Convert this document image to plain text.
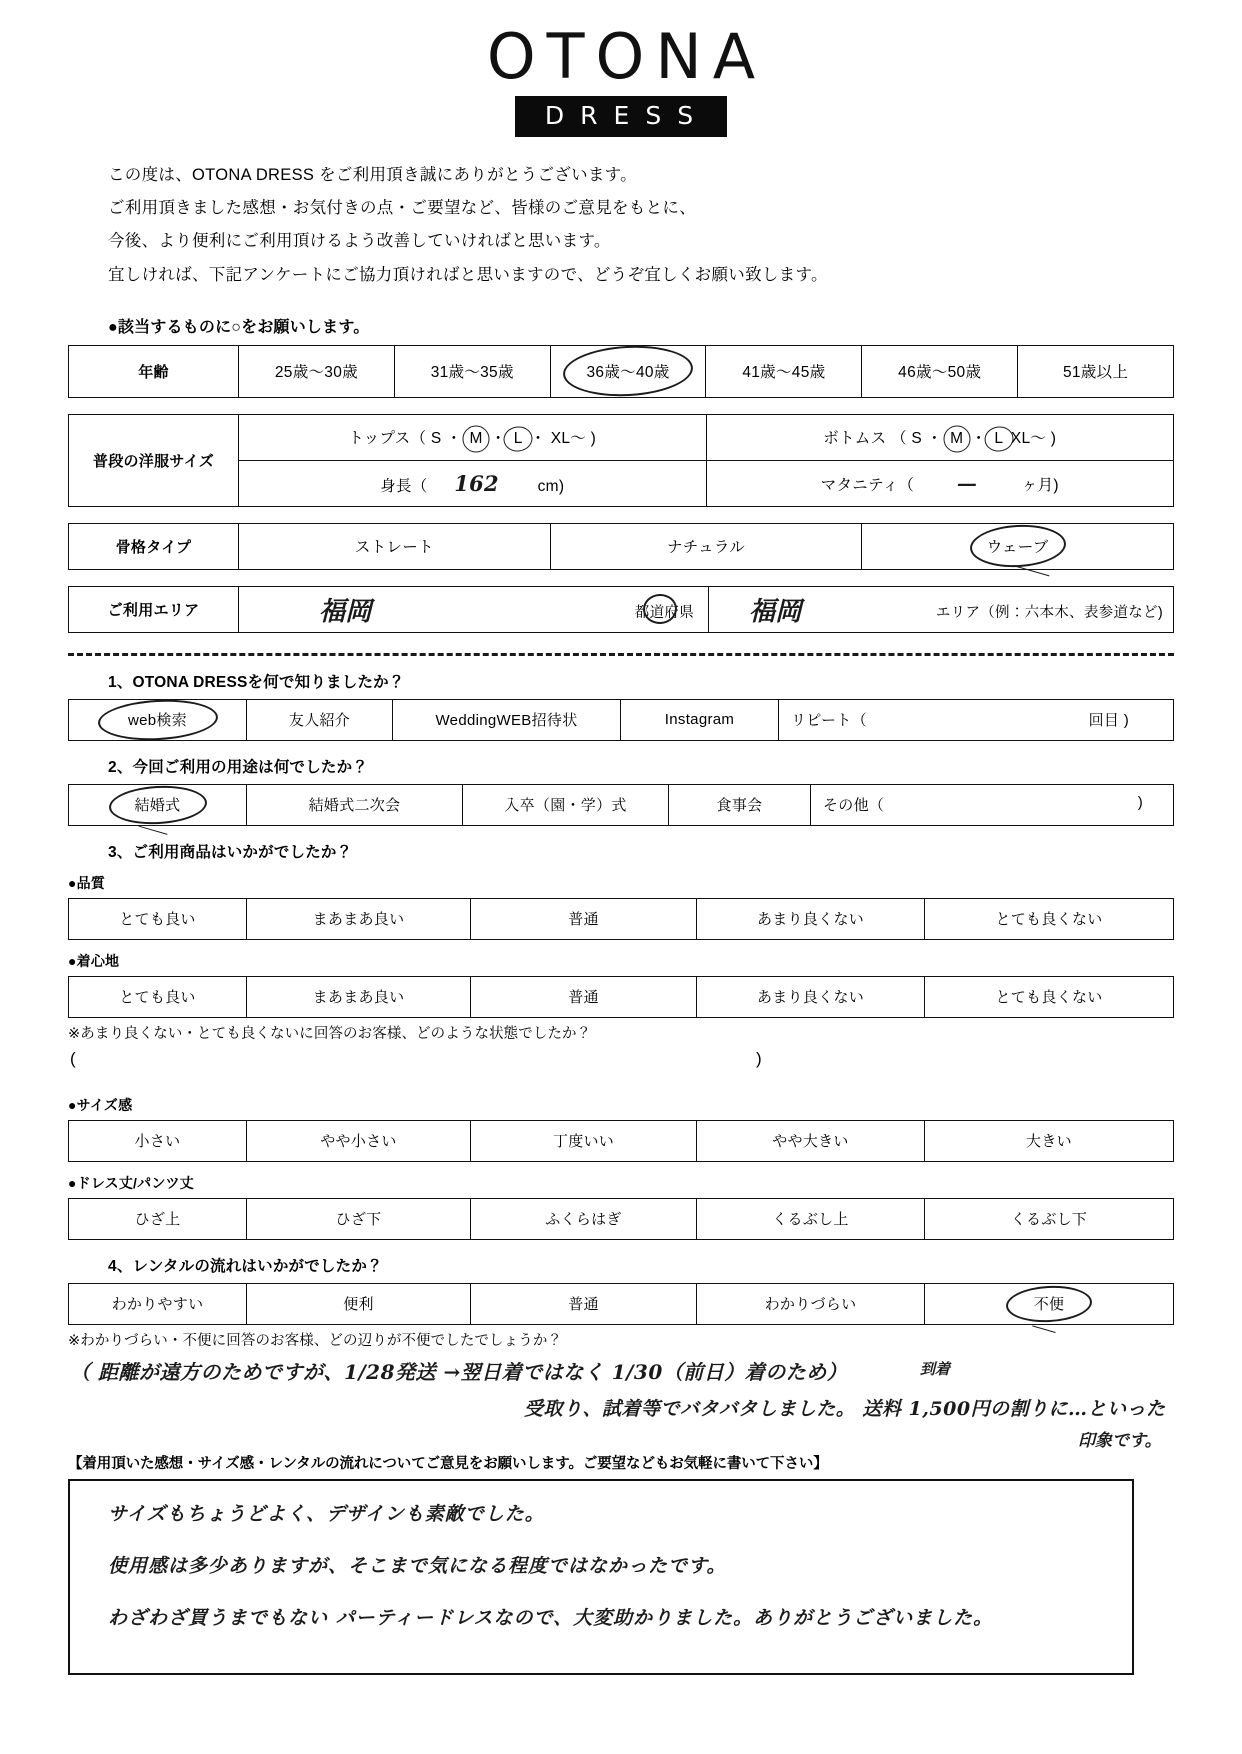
OTONA
DRESS
この度は、OTONA DRESS をご利用頂き誠にありがとうございます。
ご利用頂きました感想・お気付きの点・ご要望など、皆様のご意見をもとに、
今後、より便利にご利用頂けるよう改善していければと思います。
宜しければ、下記アンケートにご協力頂ければと思いますので、どうぞ宜しくお願い致します。
●該当するものに○をお願いします。
年齢	25歳〜30歳	31歳〜35歳	36歳〜40歳	41歳〜45歳	46歳〜50歳	51歳以上
普段の洋服サイズ	トップス（ S ・ M ・ L ・ XL〜 )	ボトムス （ S ・ M ・ L XL〜 )
	身長（ 162 cm)	マタニティ（ — ヶ月)
骨格タイプ	ストレート	ナチュラル	ウェーブ
ご利用エリア	福岡	都道府県	福岡	エリア（例：六本木、表参道など)
1、OTONA DRESSを何で知りましたか？
web検索	友人紹介	WeddingWEB招待状	Instagram	リピート（	回目 )
2、今回ご利用の用途は何でしたか？
結婚式	結婚式二次会	入卒（園・学）式	食事会	その他（	)
3、ご利用商品はいかがでしたか？
●品質
とても良い	まあまあ良い	普通	あまり良くない	とても良くない
●着心地
とても良い	まあまあ良い	普通	あまり良くない	とても良くない
※あまり良くない・とても良くないに回答のお客様、どのような状態でしたか？
(	)
●サイズ感
小さい	やや小さい	丁度いい	やや大きい	大きい
●ドレス丈/パンツ丈
ひざ上	ひざ下	ふくらはぎ	くるぶし上	くるぶし下
4、レンタルの流れはいかがでしたか？
わかりやすい	便利	普通	わかりづらい	不便
※わかりづらい・不便に回答のお客様、どの辺りが不便でしたでしょうか？
（ 距離が遠方のためですが、1/28発送 →翌日着ではなく 1/30（前日）着のため）
受取り、試着等でバタバタしました。 送料 1,500円の割りに…といった
到着
印象です。
【着用頂いた感想・サイズ感・レンタルの流れについてご意見をお願いします。ご要望などもお気軽に書いて下さい】
サイズもちょうどよく、デザインも素敵でした。
使用感は多少ありますが、そこまで気になる程度ではなかったです。
わざわざ買うまでもない パーティードレスなので、大変助かりました。ありがとうございました。
